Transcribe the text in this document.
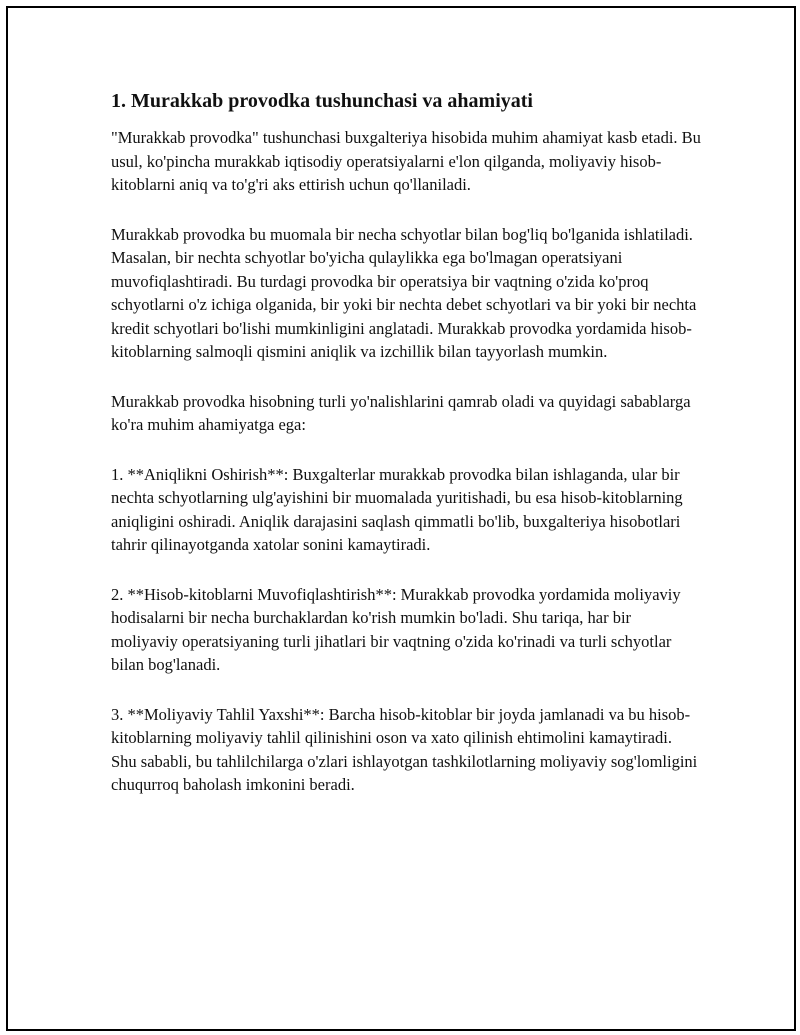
1. Murakkab provodka tushunchasi va ahamiyati

"Murakkab provodka" tushunchasi buxgalteriya hisobida muhim ahamiyat kasb etadi. Bu usul, ko'pincha murakkab iqtisodiy operatsiyalarni e'lon qilganda, moliyaviy hisob-kitoblarni aniq va to'g'ri aks ettirish uchun qo'llaniladi.

Murakkab provodka bu muomala bir necha schyotlar bilan bog'liq bo'lganida ishlatiladi. Masalan, bir nechta schyotlar bo'yicha qulaylikka ega bo'lmagan operatsiyani muvofiqlashtiradi. Bu turdagi provodka bir operatsiya bir vaqtning o'zida ko'proq schyotlarni o'z ichiga olganida, bir yoki bir nechta debet schyotlari va bir yoki bir nechta kredit schyotlari bo'lishi mumkinligini anglatadi. Murakkab provodka yordamida hisob-kitoblarning salmoqli qismini aniqlik va izchillik bilan tayyorlash mumkin.

Murakkab provodka hisobning turli yo'nalishlarini qamrab oladi va quyidagi sabablarga ko'ra muhim ahamiyatga ega:

1. **Aniqlikni Oshirish**: Buxgalterlar murakkab provodka bilan ishlaganda, ular bir nechta schyotlarning ulg'ayishini bir muomalada yuritishadi, bu esa hisob-kitoblarning aniqligini oshiradi. Aniqlik darajasini saqlash qimmatli bo'lib, buxgalteriya hisobotlari tahrir qilinayotganda xatolar sonini kamaytiradi.

2. **Hisob-kitoblarni Muvofiqlashtirish**: Murakkab provodka yordamida moliyaviy hodisalarni bir necha burchaklardan ko'rish mumkin bo'ladi. Shu tariqa, har bir moliyaviy operatsiyaning turli jihatlari bir vaqtning o'zida ko'rinadi va turli schyotlar bilan bog'lanadi.

3. **Moliyaviy Tahlil Yaxshi**: Barcha hisob-kitoblar bir joyda jamlanadi va bu hisob-kitoblarning moliyaviy tahlil qilinishini oson va xato qilinish ehtimolini kamaytiradi. Shu sababli, bu tahlilchilarga o'zlari ishlayotgan tashkilotlarning moliyaviy sog'lomligini chuqurroq baholash imkonini beradi.
